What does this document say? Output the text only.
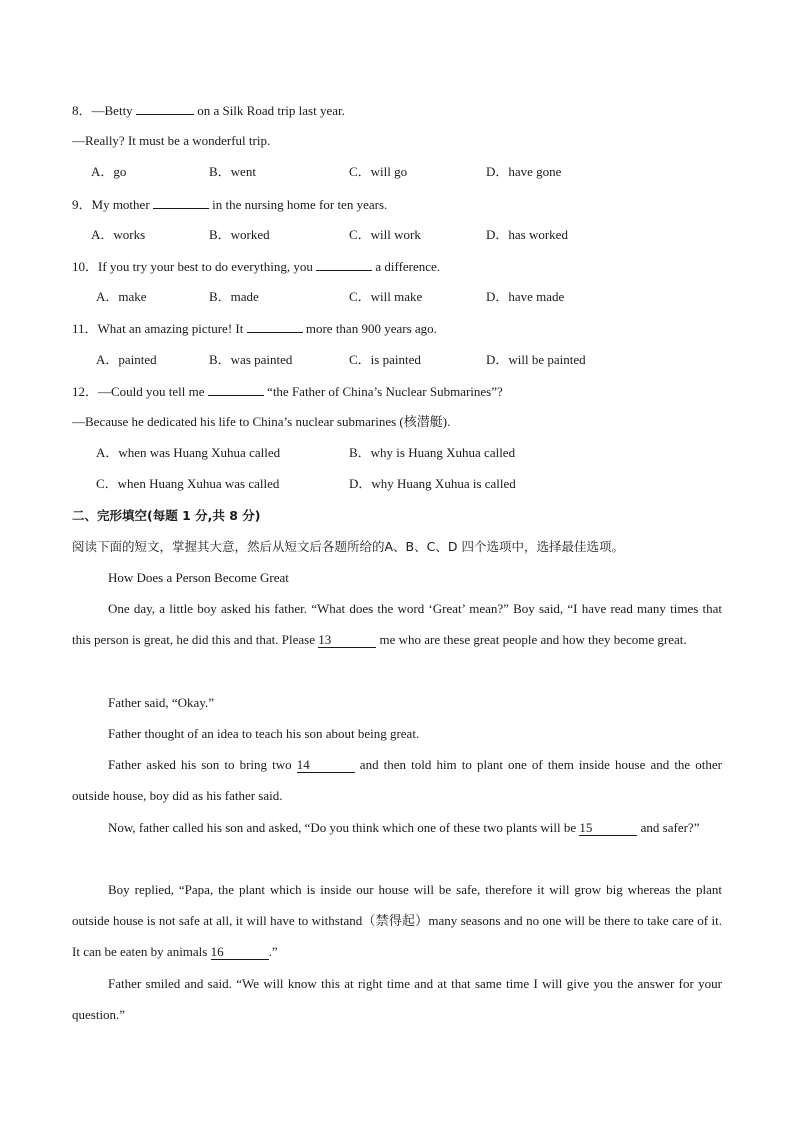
8．—Betty	on a Silk Road trip last year.
—Really? It must be a wonderful trip.
A．go	B．went	C．will go	D．have gone
9．My mother	in the nursing home for ten years.
A．works	B．worked	C．will work	D．has worked
10．If you try your best to do everything, you	a difference.
A．make	B．made	C．will make	D．have made
11．What an amazing picture! It	more than 900 years ago.
A．painted	B．was painted	C．is painted	D．will be painted
12．—Could you tell me	“the Father of China’s Nuclear Submarines”?
—Because he dedicated his life to China’s nuclear submarines (核潜艇).
A．when was Huang Xuhua called	B．why is Huang Xuhua called
C．when Huang Xuhua was called	D．why Huang Xuhua is called
二、完形填空(每题 1 分,共 8 分)
阅读下面的短文，掌握其大意，然后从短文后各题所给的A、B、C、D 四个选项中，选择最佳选项。
How Does a Person Become Great
One day, a little boy asked his father. “What does the word ‘Great’ mean?” Boy said, “I have read many times that this person is great, he did this and that. Please 13	me who are these great people and how they become great.
Father said, “Okay.”
Father thought of an idea to teach his son about being great.
Father asked his son to bring two 14	and then told him to plant one of them inside house and the other outside house, boy did as his father said.
Now, father called his son and asked, “Do you think which one of these two plants will be 15	and safer?”
Boy replied, “Papa, the plant which is inside our house will be safe, therefore it will grow big whereas the plant outside house is not safe at all, it will have to withstand（禁得起）many seasons and no one will be there to take care of it. It can be eaten by animals 16	.”
Father smiled and said. “We will know this at right time and at that same time I will give you the answer for your question.”
